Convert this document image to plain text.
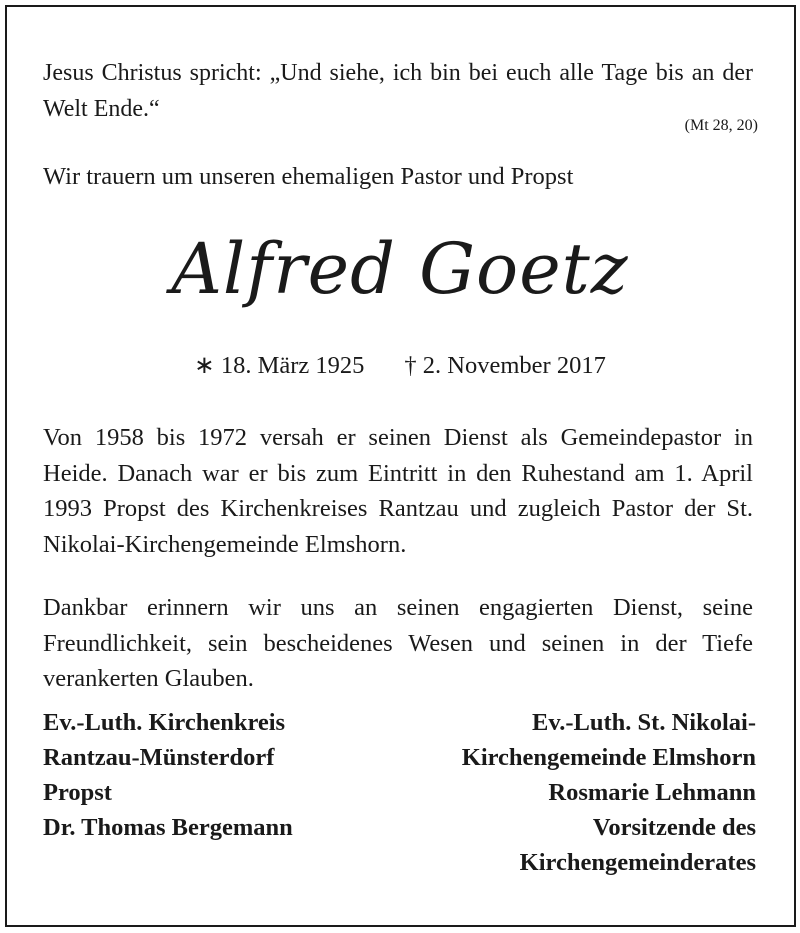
Jesus Christus spricht: „Und siehe, ich bin bei euch alle Tage bis an der Welt Ende.“
(Mt 28, 20)
Wir trauern um unseren ehemaligen Pastor und Propst
Alfred Goetz
∗ 18. März 1925 † 2. November 2017
Von 1958 bis 1972 versah er seinen Dienst als Gemeindepastor in Heide. Danach war er bis zum Eintritt in den Ruhestand am 1. April 1993 Propst des Kirchenkreises Rantzau und zugleich Pastor der St. Nikolai-Kirchengemeinde Elmshorn.
Dankbar erinnern wir uns an seinen engagierten Dienst, seine Freundlichkeit, sein bescheidenes Wesen und seinen in der Tiefe verankerten Glauben.
Ev.-Luth. Kirchenkreis
Rantzau-Münsterdorf
Propst
Dr. Thomas Bergemann
Ev.-Luth. St. Nikolai-
Kirchengemeinde Elmshorn
Rosmarie Lehmann
Vorsitzende des
Kirchengemeinderates
